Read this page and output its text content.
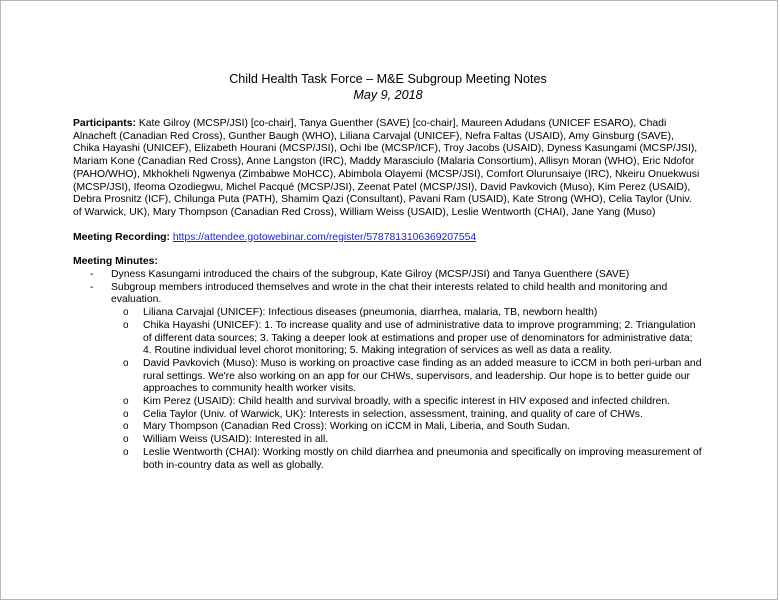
Child Health Task Force – M&E Subgroup Meeting Notes
May 9, 2018

Participants: Kate Gilroy (MCSP/JSI) [co-chair], Tanya Guenther (SAVE) [co-chair], Maureen Adudans (UNICEF ESARO), Chadi Alnacheft (Canadian Red Cross), Gunther Baugh (WHO), Liliana Carvajal (UNICEF), Nefra Faltas (USAID), Amy Ginsburg (SAVE), Chika Hayashi (UNICEF), Elizabeth Hourani (MCSP/JSI), Ochi Ibe (MCSP/ICF), Troy Jacobs (USAID), Dyness Kasungami (MCSP/JSI), Mariam Kone (Canadian Red Cross), Anne Langston (IRC), Maddy Marasciulo (Malaria Consortium), Allisyn Moran (WHO), Eric Ndofor (PAHO/WHO), Mkhokheli Ngwenya (Zimbabwe MoHCC), Abimbola Olayemi (MCSP/JSI), Comfort Olurunsaiye (IRC), Nkeiru Onuekwusi (MCSP/JSI), Ifeoma Ozodiegwu, Michel Pacqué (MCSP/JSI), Zeenat Patel (MCSP/JSI), David Pavkovich (Muso), Kim Perez (USAID), Debra Prosnitz (ICF), Chilunga Puta (PATH), Shamim Qazi (Consultant), Pavani Ram (USAID), Kate Strong (WHO), Celia Taylor (Univ. of Warwick, UK), Mary Thompson (Canadian Red Cross), William Weiss (USAID), Leslie Wentworth (CHAI), Jane Yang (Muso)

Meeting Recording: https://attendee.gotowebinar.com/register/5787813106369207554

Meeting Minutes:

- Dyness Kasungami introduced the chairs of the subgroup, Kate Gilroy (MCSP/JSI) and Tanya Guenthere (SAVE)
- Subgroup members introduced themselves and wrote in the chat their interests related to child health and monitoring and evaluation.
o Liliana Carvajal (UNICEF): Infectious diseases (pneumonia, diarrhea, malaria, TB, newborn health)
o Chika Hayashi (UNICEF): 1. To increase quality and use of administrative data to improve programming; 2. Triangulation of different data sources; 3. Taking a deeper look at estimations and proper use of denominators for administrative data; 4. Routine individual level chorot monitoring; 5. Making integration of services as well as data a reality.
o David Pavkovich (Muso): Muso is working on proactive case finding as an added measure to iCCM in both peri-urban and rural settings. We're also working on an app for our CHWs, supervisors, and leadership. Our hope is to better guide our approaches to community health worker visits.
o Kim Perez (USAID): Child health and survival broadly, with a specific interest in HIV exposed and infected children.
o Celia Taylor (Univ. of Warwick, UK): Interests in selection, assessment, training, and quality of care of CHWs.
o Mary Thompson (Canadian Red Cross): Working on iCCM in Mali, Liberia, and South Sudan.
o William Weiss (USAID): Interested in all.
o Leslie Wentworth (CHAI): Working mostly on child diarrhea and pneumonia and specifically on improving measurement of both in-country data as well as globally.
